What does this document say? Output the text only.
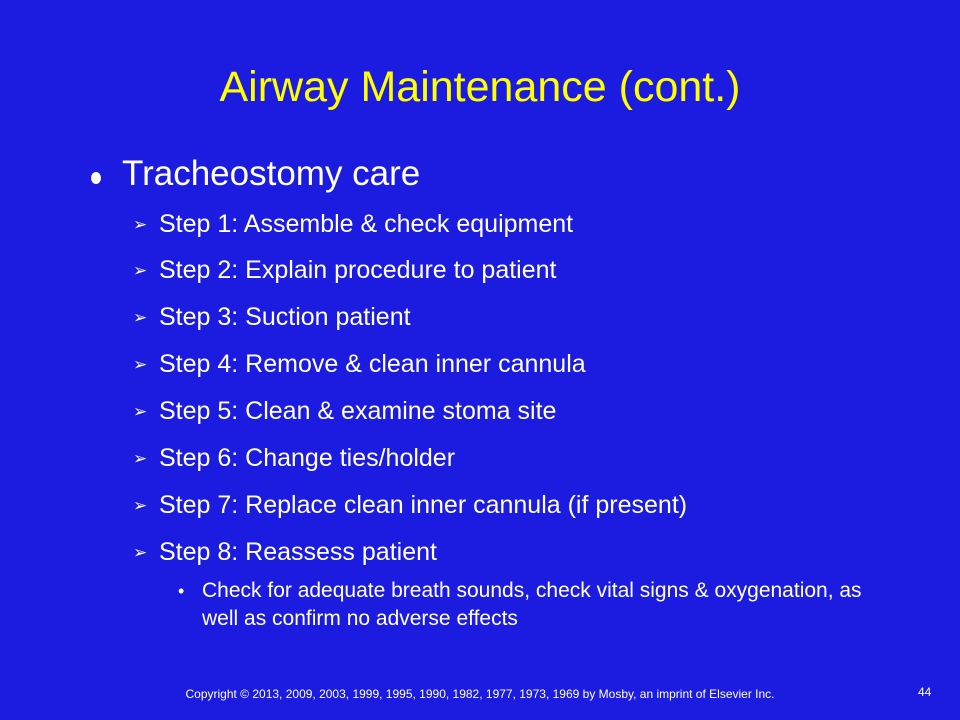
Airway Maintenance (cont.)
Tracheostomy care
➢ Step 1: Assemble & check equipment
➢ Step 2: Explain procedure to patient
➢ Step 3: Suction patient
➢ Step 4: Remove & clean inner cannula
➢ Step 5: Clean & examine stoma site
➢ Step 6: Change ties/holder
➢ Step 7: Replace clean inner cannula (if present)
➢ Step 8: Reassess patient
• Check for adequate breath sounds, check vital signs & oxygenation, as well as confirm no adverse effects
Copyright © 2013, 2009, 2003, 1999, 1995, 1990, 1982, 1977, 1973, 1969 by Mosby, an imprint of Elsevier Inc.	44
